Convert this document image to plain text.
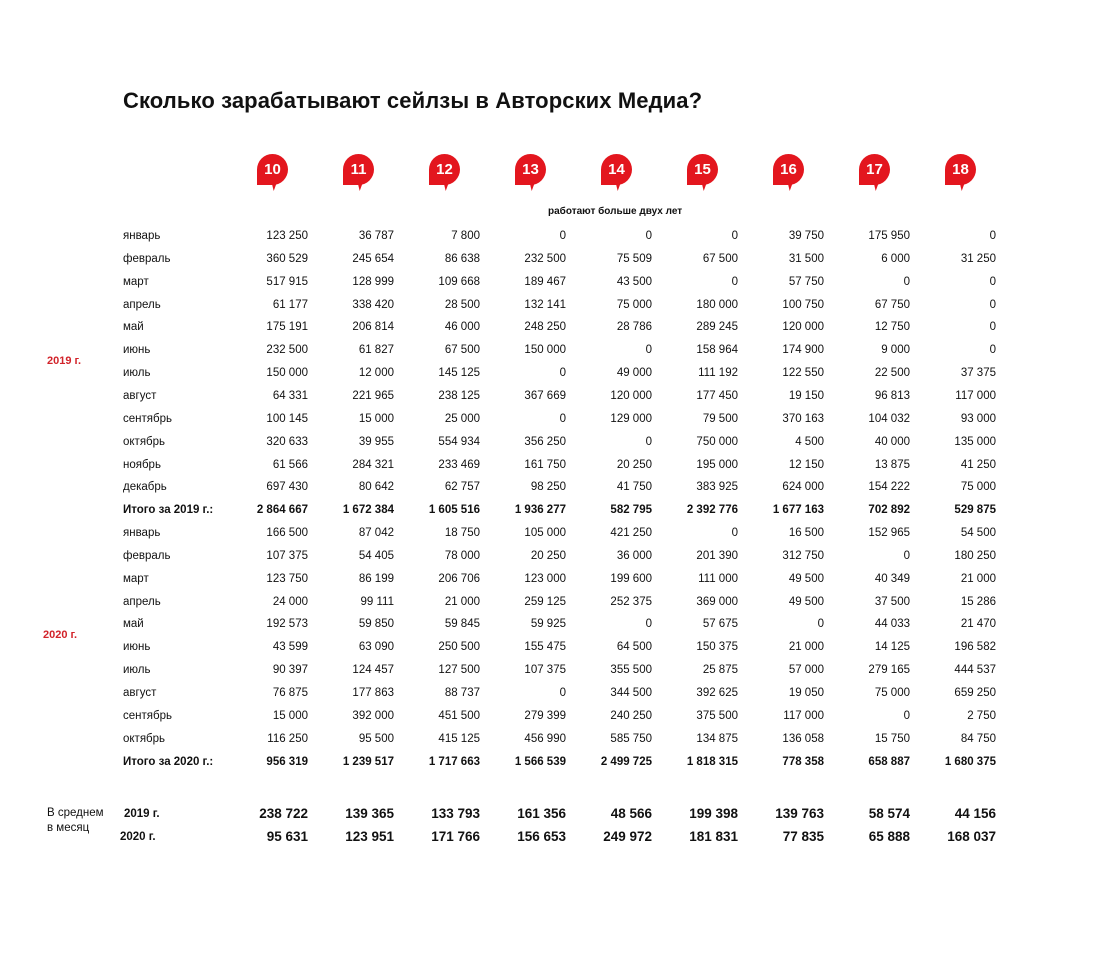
Сколько зарабатывают сейлзы в Авторских Медиа?
10	11	12	13	14	15	16	17	18
работают больше двух лет
январь	123 250	36 787	7 800	0	0	0	39 750	175 950	0
февраль	360 529	245 654	86 638	232 500	75 509	67 500	31 500	6 000	31 250
март	517 915	128 999	109 668	189 467	43 500	0	57 750	0	0
апрель	61 177	338 420	28 500	132 141	75 000	180 000	100 750	67 750	0
май	175 191	206 814	46 000	248 250	28 786	289 245	120 000	12 750	0
июнь	232 500	61 827	67 500	150 000	0	158 964	174 900	9 000	0
июль	150 000	12 000	145 125	0	49 000	111 192	122 550	22 500	37 375
август	64 331	221 965	238 125	367 669	120 000	177 450	19 150	96 813	117 000
сентябрь	100 145	15 000	25 000	0	129 000	79 500	370 163	104 032	93 000
октябрь	320 633	39 955	554 934	356 250	0	750 000	4 500	40 000	135 000
ноябрь	61 566	284 321	233 469	161 750	20 250	195 000	12 150	13 875	41 250
декабрь	697 430	80 642	62 757	98 250	41 750	383 925	624 000	154 222	75 000
Итого за 2019 г.:	2 864 667	1 672 384	1 605 516	1 936 277	582 795	2 392 776	1 677 163	702 892	529 875
2019 г.
январь	166 500	87 042	18 750	105 000	421 250	0	16 500	152 965	54 500
февраль	107 375	54 405	78 000	20 250	36 000	201 390	312 750	0	180 250
март	123 750	86 199	206 706	123 000	199 600	111 000	49 500	40 349	21 000
апрель	24 000	99 111	21 000	259 125	252 375	369 000	49 500	37 500	15 286
май	192 573	59 850	59 845	59 925	0	57 675	0	44 033	21 470
июнь	43 599	63 090	250 500	155 475	64 500	150 375	21 000	14 125	196 582
июль	90 397	124 457	127 500	107 375	355 500	25 875	57 000	279 165	444 537
август	76 875	177 863	88 737	0	344 500	392 625	19 050	75 000	659 250
сентябрь	15 000	392 000	451 500	279 399	240 250	375 500	117 000	0	2 750
октябрь	116 250	95 500	415 125	456 990	585 750	134 875	136 058	15 750	84 750
Итого за 2020 г.:	956 319	1 239 517	1 717 663	1 566 539	2 499 725	1 818 315	778 358	658 887	1 680 375
2020 г.
В среднем
в месяц
2019 г.	238 722	139 365	133 793	161 356	48 566	199 398	139 763	58 574	44 156
2020 г.	95 631	123 951	171 766	156 653	249 972	181 831	77 835	65 888	168 037
